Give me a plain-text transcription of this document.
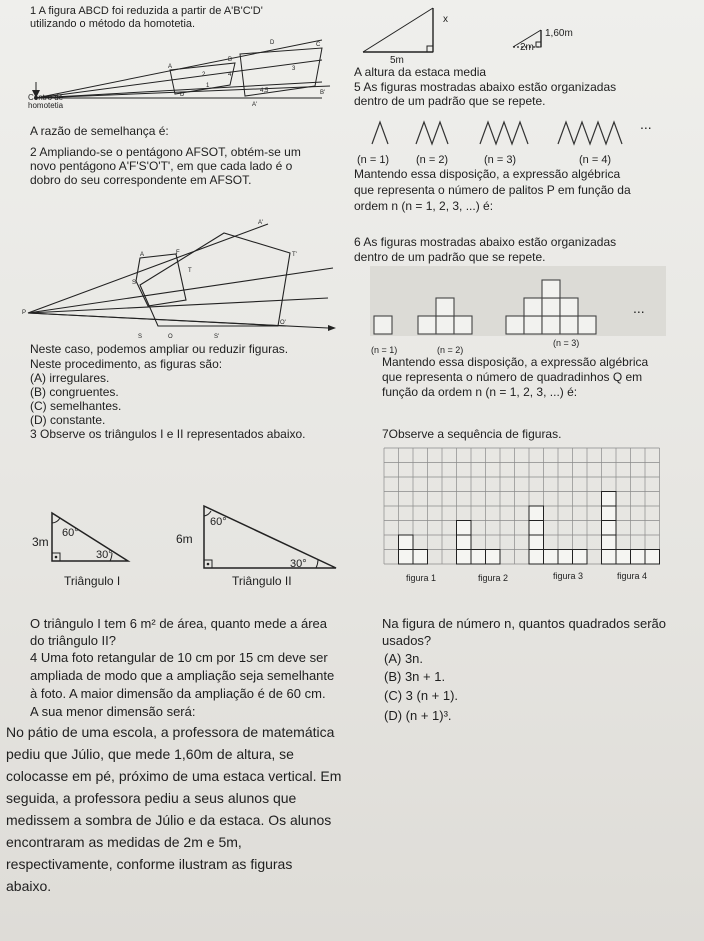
1 A figura ABCD foi reduzida a partir de A'B'C'D'
utilizando o método da homotetia.
A
B
C
D
D
A'
B'
3
2	4
4,5
1
Centro de
homotetia
A razão de semelhança é:
2 Ampliando-se o pentágono AFSOT, obtém-se um
novo pentágono A'F'S'O'T', em que cada lado é o
dobro do seu correspondente em AFSOT.
A'
F
A	T'
T
S
O'
O
S	S'
P
Neste caso, podemos ampliar ou reduzir figuras.
Neste procedimento, as figuras são:
(A) irregulares.
(B) congruentes.
(C) semelhantes.
(D) constante.
3 Observe os triângulos I e II representados abaixo.
3m
60°
30°
Triângulo I
6m
60°
30°
Triângulo II
O triângulo I tem 6 m² de área, quanto mede a área
do triângulo II?
4 Uma foto retangular de 10 cm por 15 cm deve ser
ampliada de modo que a ampliação seja semelhante
à foto. A maior dimensão da ampliação é de 60 cm.
A sua menor dimensão será:
No pátio de uma escola, a professora de matemática
pediu que Júlio, que mede 1,60m de altura, se
colocasse em pé, próximo de uma estaca vertical. Em
seguida, a professora pediu a seus alunos que
medissem a sombra de Júlio e da estaca. Os alunos
encontraram as medidas de 2m e 5m,
respectivamente, conforme ilustram as figuras
abaixo.
x
5m
1,60m
2m
A altura da estaca media
5 As figuras mostradas abaixo estão organizadas
dentro de um padrão que se repete.
...
(n = 1) (n = 2)	(n = 3)	(n = 4)
Mantendo essa disposição, a expressão algébrica
que representa o número de palitos P em função da
ordem n (n = 1, 2, 3, ...) é:
6 As figuras mostradas abaixo estão organizadas
dentro de um padrão que se repete.
...
(n = 1)	(n = 2)
(n = 3)
Mantendo essa disposição, a expressão algébrica
que representa o número de quadradinhos Q em
função da ordem n (n = 1, 2, 3, ...) é:
7Observe a sequência de figuras.
figura 1	figura 2	figura 3	figura 4
Na figura de número n, quantos quadrados serão
usados?
(A) 3n.
(B) 3n + 1.
(C) 3 (n + 1).
(D) (n + 1)³.
